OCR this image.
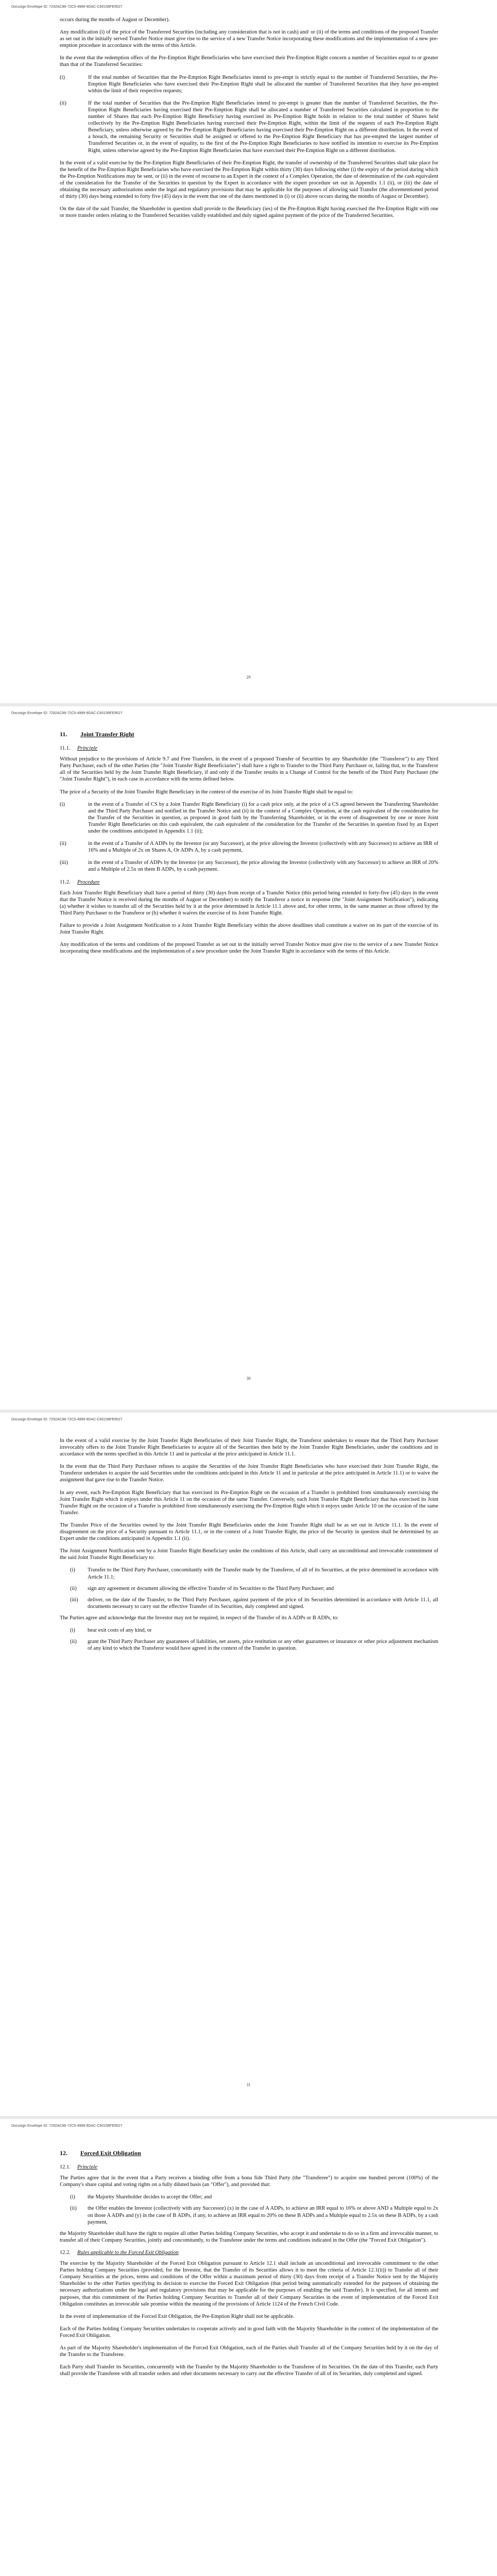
Docusign Envelope ID: 7292AC86-72C5-4989-9DAC-C60158FE9527

occurs during the months of August or December).

Any modification (i) of the price of the Transferred Securities (including any consideration that is not in cash) and/ or (ii) of the terms and conditions of the proposed Transfer as set out in the initially served Transfer Notice must give rise to the service of a new Transfer Notice incorporating these modifications and the implementation of a new pre-emption procedure in accordance with the terms of this Article.

In the event that the redemption offers of the Pre-Emption Right Beneficiaries who have exercised their Pre-Emption Right concern a number of Securities equal to or greater than that of the Transferred Securities:

(i)	If the total number of Securities that the Pre-Emption Right Beneficiaries intend to pre-empt is strictly equal to the number of Transferred Securities, the Pre-Emption Right Beneficiaries who have exercised their Pre-Emption Right shall be allocated the number of Transferred Securities that they have pre-empted within the limit of their respective requests;
(ii)	If the total number of Securities that the Pre-Emption Right Beneficiaries intend to pre-empt is greater than the number of Transferred Securities, the Pre-Emption Right Beneficiaries having exercised their Pre-Emption Right shall be allocated a number of Transferred Securities calculated in proportion to the number of Shares that each Pre-Emption Right Beneficiary having exercised its Pre-Emption Right holds in relation to the total number of Shares held collectively by the Pre-Emption Right Beneficiaries having exercised their Pre-Emption Right, within the limit of the requests of each Pre-Emption Right Beneficiary, unless otherwise agreed by the Pre-Emption Right Beneficiaries having exercised their Pre-Emption Right on a different distribution. In the event of a breach, the remaining Security or Securities shall be assigned or offered to the Pre-Emption Right Beneficiary that has pre-empted the largest number of Transferred Securities or, in the event of equality, to the first of the Pre-Emption Right Beneficiaries to have notified its intention to exercise its Pre-Emption Right, unless otherwise agreed by the Pre-Emption Right Beneficiaries that have exercised their Pre-Emption Right on a different distribution.

In the event of a valid exercise by the Pre-Emption Right Beneficiaries of their Pre-Emption Right, the transfer of ownership of the Transferred Securities shall take place for the benefit of the Pre-Emption Right Beneficiaries who have exercised the Pre-Emption Right within thirty (30) days following either (i) the expiry of the period during which the Pre-Emption Notifications may be sent, or (ii) in the event of recourse to an Expert in the context of a Complex Operation, the date of determination of the cash equivalent of the consideration for the Transfer of the Securities in question by the Expert in accordance with the expert procedure set out in Appendix 1.1 (ii), or (iii) the date of obtaining the necessary authorizations under the legal and regulatory provisions that may be applicable for the purposes of allowing said Transfer (the aforementioned period of thirty (30) days being extended to forty five (45) days in the event that one of the dates mentioned in (i) or (ii) above occurs during the months of August or December).

On the date of the said Transfer, the Shareholder in question shall provide to the Beneficiary (ies) of the Pre-Emption Right having exercised the Pre-Emption Right with one or more transfer orders relating to the Transferred Securities validly established and duly signed against payment of the price of the Transferred Securities.

29
Docusign Envelope ID: 7292AC86-72C5-4989-9DAC-C60158FE9527
11.	Joint Transfer Right
11.1.	Principle

Without prejudice to the provisions of Article 9.7 and Free Transfers, in the event of a proposed Transfer of Securities by any Shareholder (the "Transferor") to any Third Party Purchaser, each of the other Parties (the "Joint Transfer Right Beneficiaries") shall have a right to Transfer to the Third Party Purchaser or, failing that, to the Transferor all of the Securities held by the Joint Transfer Right Beneficiary, if and only if the Transfer results in a Change of Control for the benefit of the Third Party Purchaser (the "Joint Transfer Right"), in each case in accordance with the terms defined below.

The price of a Security of the Joint Transfer Right Beneficiary in the context of the exercise of its Joint Transfer Right shall be equal to:

(i)	in the event of a Transfer of CS by a Joint Transfer Right Beneficiary (i) for a cash price only, at the price of a CS agreed between the Transferring Shareholder and the Third Party Purchaser and notified in the Transfer Notice and (ii) in the context of a Complex Operation, at the cash equivalent of the consideration for the Transfer of the Securities in question, as proposed in good faith by the Transferring Shareholder, or in the event of disagreement by one or more Joint Transfer Right Beneficiaries on this cash equivalent, the cash equivalent of the consideration for the Transfer of the Securities in question fixed by an Expert under the conditions anticipated in Appendix 1.1 (ii);
(ii)	in the event of a Transfer of A ADPs by the Investor (or any Successor), at the price allowing the Investor (collectively with any Successor) to achieve an IRR of 16% and a Multiple of 2x on Shares A, Or ADPs A, by a cash payment,
(iii)	in the event of a Transfer of ADPs by the Investor (or any Successor), the price allowing the Investor (collectively with any Successor) to achieve an IRR of 20% and a Multiple of 2.5x on them B ADPs, by a cash payment.
11.2.	Procedure

Each Joint Transfer Right Beneficiary shall have a period of thirty (30) days from receipt of a Transfer Notice (this period being extended to forty-five (45) days in the event that the Transfer Notice is received during the months of August or December) to notify the Transferor a notice in response (the "Joint Assignment Notification"), indicating (a) whether it wishes to transfer all of the Securities held by it at the price determined in Article 11.1 above and, for other terms, in the same manner as those offered by the Third Party Purchaser to the Transferor or (b) whether it waives the exercise of its Joint Transfer Right.

Failure to provide a Joint Assignment Notification to a Joint Transfer Right Beneficiary within the above deadlines shall constitute a waiver on its part of the exercise of its Joint Transfer Right.

Any modification of the terms and conditions of the proposed Transfer as set out in the initially served Transfer Notice must give rise to the service of a new Transfer Notice incorporating these modifications and the implementation of a new procedure under the Joint Transfer Right in accordance with the terms of this Article.

30
Docusign Envelope ID: 7292AC86-72C5-4989-9DAC-C60158FE9527

In the event of a valid exercise by the Joint Transfer Right Beneficiaries of their Joint Transfer Right, the Transferor undertakes to ensure that the Third Party Purchaser irrevocably offers to the Joint Transfer Right Beneficiaries to acquire all of the Securities then held by the Joint Transfer Right Beneficiaries, under the conditions and in accordance with the terms specified in this Article 11 and in particular at the price anticipated in Article 11.1.

In the event that the Third Party Purchaser refuses to acquire the Securities of the Joint Transfer Right Beneficiaries who have exercised their Joint Transfer Right, the Transferor undertakes to acquire the said Securities under the conditions anticipated in this Article 11 and in particular at the price anticipated in Article 11.1) or to waive the assignment that gave rise to the Transfer Notice.

In any event, each Pre-Emption Right Beneficiary that has exercised its Pre-Emption Right on the occasion of a Transfer is prohibited from simultaneously exercising the Joint Transfer Right which it enjoys under this Article 11 on the occasion of the same Transfer. Conversely, each Joint Transfer Right Beneficiary that has exercised its Joint Transfer Right on the occasion of a Transfer is prohibited from simultaneously exercising the Pre-Emption Right which it enjoys under Article 10 on the occasion of the same Transfer.

The Transfer Price of the Securities owned by the Joint Transfer Right Beneficiaries under the Joint Transfer Right shall be as set out in Article 11.1. In the event of disagreement on the price of a Security pursuant to Article 11.1, or in the context of a Joint Transfer Right, the price of the Security in question shall be determined by an Expert under the conditions anticipated in Appendix 1.1 (ii).

The Joint Assignment Notification sent by a Joint Transfer Right Beneficiary under the conditions of this Article, shall carry an unconditional and irrevocable commitment of the said Joint Transfer Right Beneficiary to:

(i)	Transfer to the Third Party Purchaser, concomitantly with the Transfer made by the Transferor, of all of its Securities, at the price determined in accordance with Article 11.1;
(ii)	sign any agreement or document allowing the effective Transfer of its Securities to the Third Party Purchaser; and
(iii)	deliver, on the date of the Transfer, to the Third Party Purchaser, against payment of the price of its Securities determined in accordance with Article 11.1, all documents necessary to carry out the effective Transfer of its Securities, duly completed and signed.

The Parties agree and acknowledge that the Investor may not be required, in respect of the Transfer of its A ADPs or B ADPs, to:

(i)	bear exit costs of any kind, or
(ii)	grant the Third Party Purchaser any guarantees of liabilities, net assets, price restitution or any other guarantees or insurance or other price adjustment mechanism of any kind to which the Transferor would have agreed in the context of the Transfer in question.
31
Docusign Envelope ID: 7292AC86-72C5-4989-9DAC-C60158FE9527
12.	Forced Exit Obligation
12.1.	Principle

The Parties agree that in the event that a Party receives a binding offer from a bona fide Third Party (the "Transferee") to acquire one hundred percent (100%) of the Company's share capital and voting rights on a fully diluted basis (an "Offer"), and provided that:

(i)	the Majority Shareholder decides to accept the Offer; and
(ii)	the Offer enables the Investor (collectively with any Successor) (x) in the case of A ADPs, to achieve an IRR equal to 16% or above AND a Multiple equal to 2x on those A ADPs and (y) in the case of B ADPs, if any, to achieve an IRR equal to 20% on these B ADPs and a Multiple equal to 2.5x on these B ADPs, by a cash payment,

the Majority Shareholder shall have the right to require all other Parties holding Company Securities, who accept it and undertake to do so in a firm and irrevocable manner, to transfer all of their Company Securities, jointly and concomitantly, to the Transferee under the terms and conditions indicated in the Offer (the "Forced Exit Obligation").

12.2.	Rules applicable to the Forced Exit Obligation

The exercise by the Majority Shareholder of the Forced Exit Obligation pursuant to Article 12.1 shall include an unconditional and irrevocable commitment to the other Parties holding Company Securities (provided, for the Investor, that the Transfer of its Securities allows it to meet the criteria of Article 12.1(ii)) to Transfer all of their Company Securities at the prices, terms and conditions of the Offer within a maximum period of thirty (30) days from receipt of a Transfer Notice sent by the Majority Shareholder to the other Parties specifying its decision to exercise the Forced Exit Obligation (that period being automatically extended for the purposes of obtaining the necessary authorizations under the legal and regulatory provisions that may be applicable for the purposes of enabling the said Transfer). It is specified, for all intents and purposes, that this commitment of the Parties holding Company Securities to Transfer all of their Company Securities in the event of implementation of the Forced Exit Obligation constitutes an irrevocable sale promise within the meaning of the provisions of Article 1124 of the French Civil Code.

In the event of implementation of the Forced Exit Obligation, the Pre-Emption Right shall not be applicable.

Each of the Parties holding Company Securities undertakes to cooperate actively and in good faith with the Majority Shareholder in the context of the implementation of the Forced Exit Obligation.

As part of the Majority Shareholder's implementation of the Forced Exit Obligation, each of the Parties shall Transfer all of the Company Securities held by it on the day of the Transfer to the Transferee.

Each Party shall Transfer its Securities, concurrently with the Transfer by the Majority Shareholder to the Transferee of its Securities. On the date of this Transfer, each Party shall provide the Transferee with all transfer orders and other documents necessary to carry out the effective Transfer of all of its Securities, duly completed and signed.
